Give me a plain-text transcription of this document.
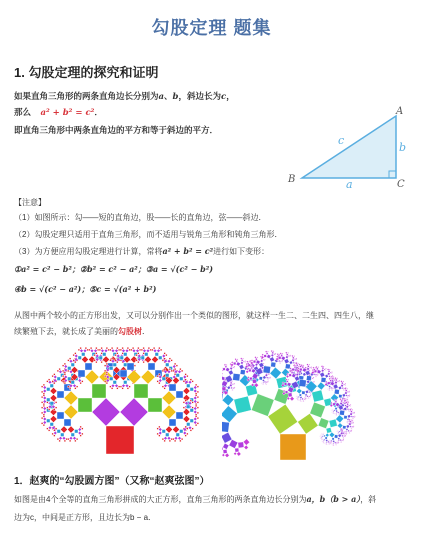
勾股定理 题集
1. 勾股定理的探究和证明
如果直角三角形的两条直角边长分别为a、b，斜边长为c，
那么 a² + b² = c²．
即直角三角形中两条直角边的平方和等于斜边的平方．
A
B	C
c
b
a
【注意】
（1）如图所示：勾——短的直角边，股——长的直角边，弦——斜边．
（2）勾股定理只适用于直角三角形，而不适用与锐角三角形和钝角三角形．
（3）为方便应用勾股定理进行计算，常将a² + b² = c²进行如下变形：
①a² = c² − b²；②b² = c² − a²；③a = √(c² − b²)
④b = √(c² − a²)；⑤c = √(a² + b²)
从图中两个较小的正方形出发，又可以分别作出一个类似的图形，就这样一生二、二生四、四生八，继
续繁殖下去，就长成了美丽的勾股树．
1．赵爽的“勾股圆方图”（又称“赵爽弦图”）
如图是由4个全等的直角三角形拼成的大正方形，直角三角形的两条直角边长分别为a，b（b > a），斜
边为c，中间是正方形，且边长为b − a．
